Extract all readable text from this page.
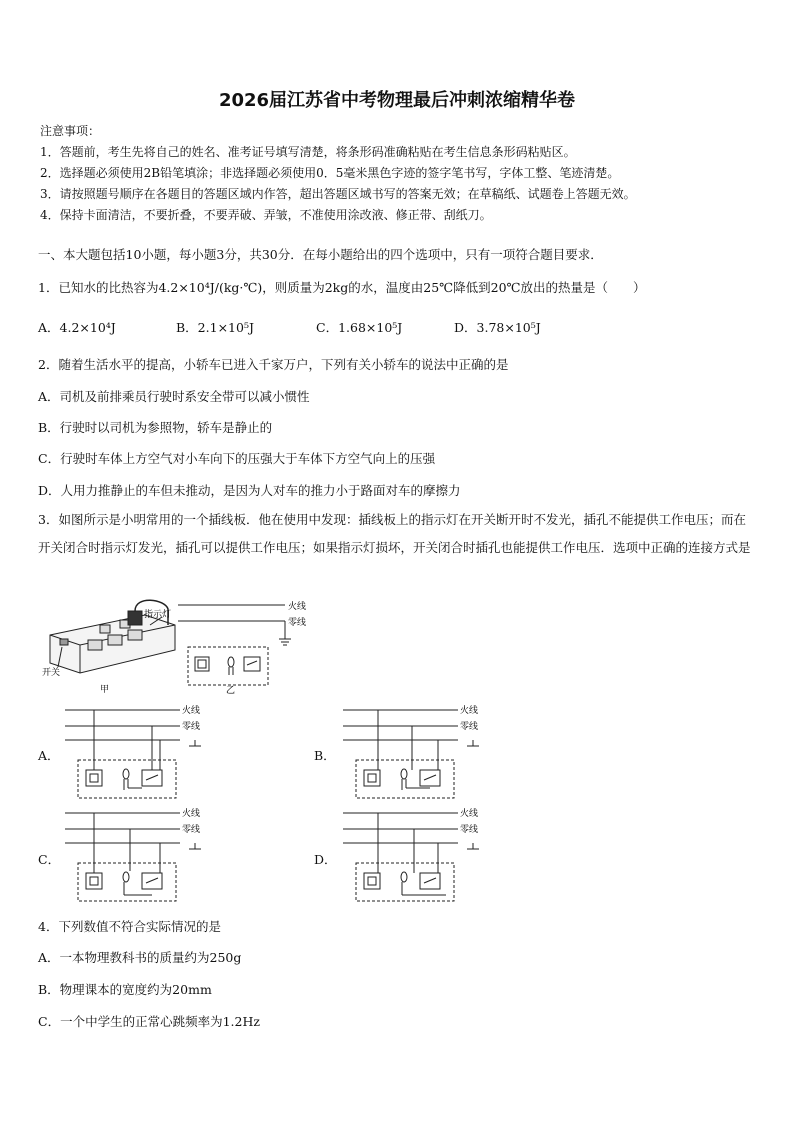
2026届江苏省中考物理最后冲刺浓缩精华卷
注意事项：
1．答题前，考生先将自己的姓名、准考证号填写清楚，将条形码准确粘贴在考生信息条形码粘贴区。
2．选择题必须使用2B铅笔填涂；非选择题必须使用0．5毫米黑色字迹的签字笔书写，字体工整、笔迹清楚。
3．请按照题号顺序在各题目的答题区域内作答，超出答题区域书写的答案无效；在草稿纸、试题卷上答题无效。
4．保持卡面清洁，不要折叠，不要弄破、弄皱，不准使用涂改液、修正带、刮纸刀。
一、本大题包括10小题，每小题3分，共30分．在每小题给出的四个选项中，只有一项符合题目要求．
1．已知水的比热容为4.2×10⁴J/(kg·℃)，则质量为2kg的水，温度由25℃降低到20℃放出的热量是（　　）
A．4.2×10⁴J	B．2.1×10⁵J	C．1.68×10⁵J	D．3.78×10⁵J
2．随着生活水平的提高，小轿车已进入千家万户，下列有关小轿车的说法中正确的是
A．司机及前排乘员行驶时系安全带可以减小惯性
B．行驶时以司机为参照物，轿车是静止的
C．行驶时车体上方空气对小车向下的压强大于车体下方空气向上的压强
D．人用力推静止的车但未推动，是因为人对车的推力小于路面对车的摩擦力
3．如图所示是小明常用的一个插线板．他在使用中发现：插线板上的指示灯在开关断开时不发光，插孔不能提供工作电压；而在开关闭合时指示灯发光，插孔可以提供工作电压；如果指示灯损坏，开关闭合时插孔也能提供工作电压．选项中正确的连接方式是
火线
零线
指示灯
开关
甲	乙
A．	B．
C．	D．
火线
零线
火线
零线
火线
零线
火线
零线
4．下列数值不符合实际情况的是
A．一本物理教科书的质量约为250g
B．物理课本的宽度约为20mm
C．一个中学生的正常心跳频率为1.2Hz
